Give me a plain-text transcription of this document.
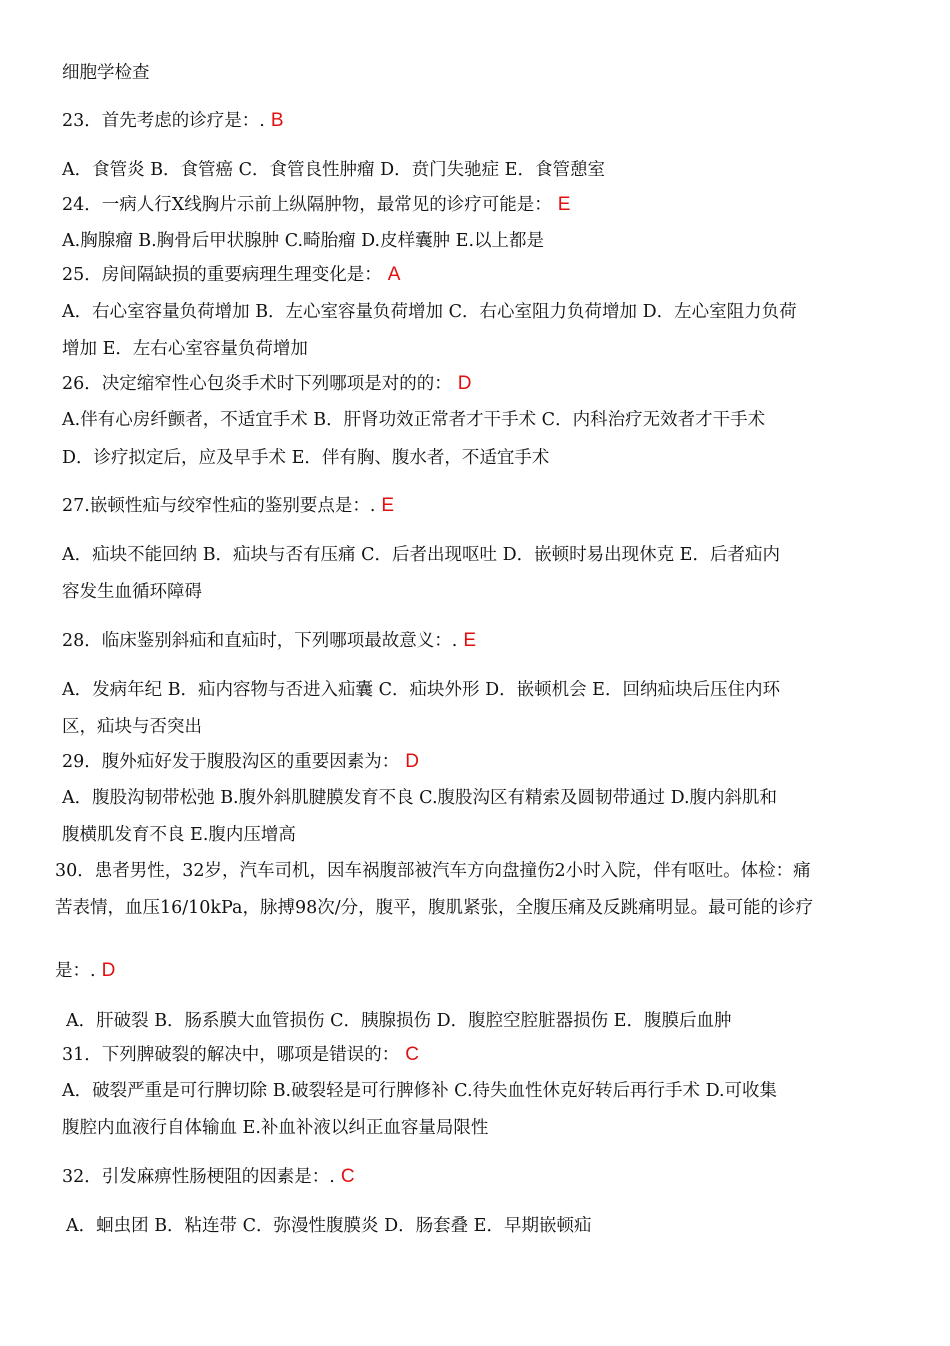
细胞学检查
23．首先考虑的诊疗是：. B
A．食管炎 B．食管癌 C．食管良性肿瘤 D．贲门失驰症 E．食管憩室
24．一病人行X线胸片示前上纵隔肿物，最常见的诊疗可能是： E
A.胸腺瘤 B.胸骨后甲状腺肿 C.畸胎瘤 D.皮样囊肿 E.以上都是
25．房间隔缺损的重要病理生理变化是： A
A．右心室容量负荷增加 B．左心室容量负荷增加 C．右心室阻力负荷增加 D．左心室阻力负荷
增加 E．左右心室容量负荷增加
26．决定缩窄性心包炎手术时下列哪项是对的的： D
A.伴有心房纤颤者，不适宜手术 B．肝肾功效正常者才干手术 C．内科治疗无效者才干手术
D．诊疗拟定后，应及早手术 E．伴有胸、腹水者，不适宜手术
27.嵌顿性疝与绞窄性疝的鉴别要点是：. E
A．疝块不能回纳 B．疝块与否有压痛 C．后者出现呕吐 D．嵌顿时易出现休克 E．后者疝内
容发生血循环障碍
28．临床鉴别斜疝和直疝时，下列哪项最故意义：. E
A．发病年纪 B．疝内容物与否进入疝囊 C．疝块外形 D．嵌顿机会 E．回纳疝块后压住内环
区，疝块与否突出
29．腹外疝好发于腹股沟区的重要因素为： D
A．腹股沟韧带松弛 B.腹外斜肌腱膜发育不良 C.腹股沟区有精索及圆韧带通过 D.腹内斜肌和
腹横肌发育不良 E.腹内压增高
30．患者男性，32岁，汽车司机，因车祸腹部被汽车方向盘撞伤2小时入院，伴有呕吐。体检：痛
苦表情，血压16/10kPa，脉搏98次/分，腹平，腹肌紧张，全腹压痛及反跳痛明显。最可能的诊疗
是：. D
A．肝破裂 B．肠系膜大血管损伤 C．胰腺损伤 D．腹腔空腔脏器损伤 E．腹膜后血肿
31．下列脾破裂的解决中，哪项是错误的： C
A．破裂严重是可行脾切除 B.破裂轻是可行脾修补 C.待失血性休克好转后再行手术 D.可收集
腹腔内血液行自体输血 E.补血补液以纠正血容量局限性
32．引发麻痹性肠梗阻的因素是：. C
A．蛔虫团 B．粘连带 C．弥漫性腹膜炎 D．肠套叠 E．早期嵌顿疝
